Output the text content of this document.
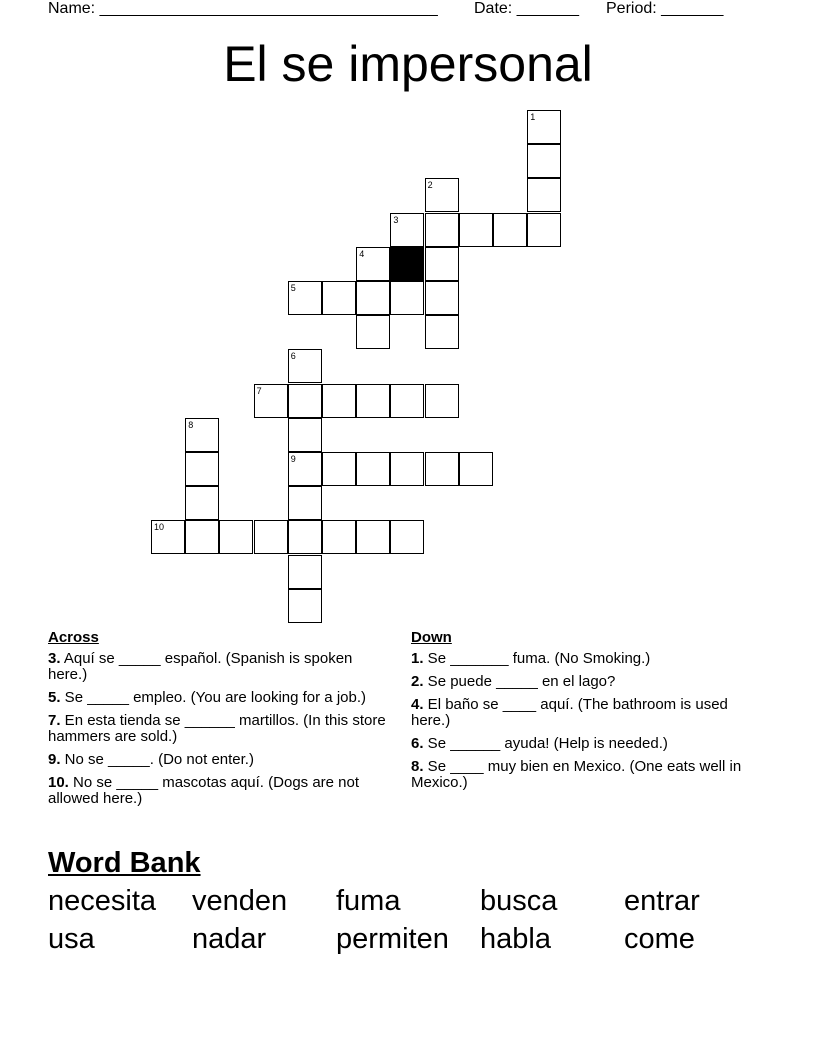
Name: ______________________________________ Date: _______ Period: _______
El se impersonal
1
2
3
4
5
6
7
8
9
10
Across
3. Aquí se _____ español. (Spanish is spoken here.)
5. Se _____ empleo. (You are looking for a job.)
7. En esta tienda se ______ martillos. (In this store hammers are sold.)
9. No se _____. (Do not enter.)
10. No se _____ mascotas aquí. (Dogs are not allowed here.)
Down
1. Se _______ fuma. (No Smoking.)
2. Se puede _____ en el lago?
4. El baño se ____ aquí. (The bathroom is used here.)
6. Se ______ ayuda! (Help is needed.)
8. Se ____ muy bien en Mexico. (One eats well in Mexico.)
Word Bank
necesita venden fuma	busca entrar
usa	nadar permiten habla	come
